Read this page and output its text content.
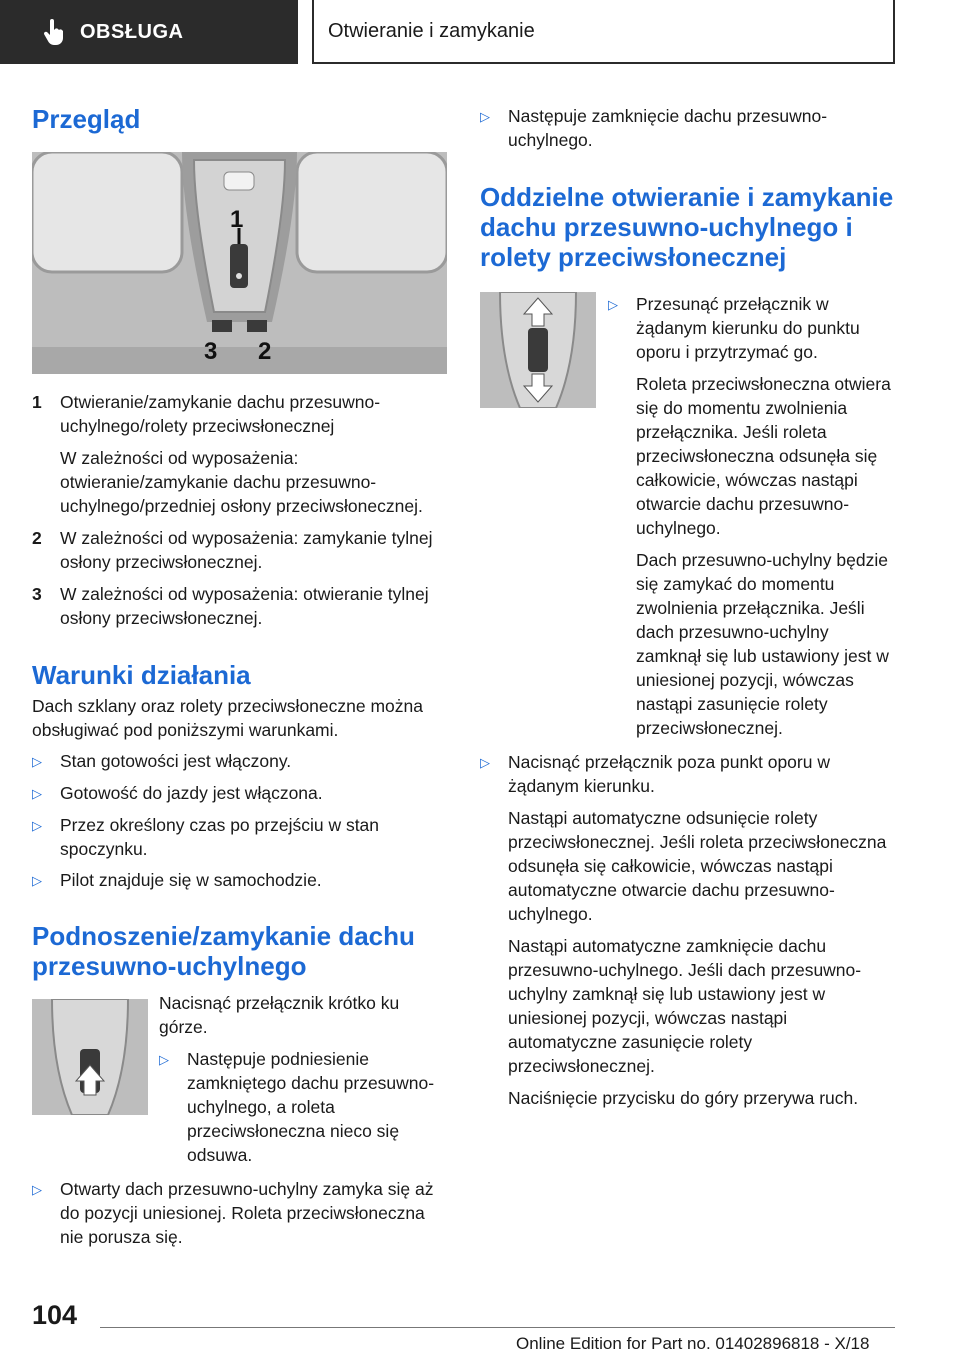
OBSŁUGA	Otwieranie i zamykanie
Przegląd
1
3 2
1	Otwieranie/zamykanie dachu przesuwno-uchylnego/rolety przeciwsłonecznej

W zależności od wyposażenia: otwieranie/zamykanie dachu przesuwno-uchylnego/przedniej osłony przeciwsłonecznej.

2	W zależności od wyposażenia: zamykanie tylnej osłony przeciwsłonecznej.

3	W zależności od wyposażenia: otwieranie tylnej osłony przeciwsłonecznej.

Warunki działania

Dach szklany oraz rolety przeciwsłoneczne można obsługiwać pod poniższymi warunkami.

▷	Stan gotowości jest włączony.

▷	Gotowość do jazdy jest włączona.

▷	Przez określony czas po przejściu w stan spoczynku.

▷	Pilot znajduje się w samochodzie.

Podnoszenie/zamykanie dachu przesuwno-uchylnego

Nacisnąć przełącznik krótko ku górze.

▷	Następuje podniesienie zamkniętego dachu przesuwno-uchylnego, a roleta przeciwsłoneczna nieco się odsuwa.

▷	Otwarty dach przesuwno-uchylny zamyka się aż do pozycji uniesionej. Roleta przeciwsłoneczna nie porusza się.

▷	Następuje zamknięcie dachu przesuwno-uchylnego.

Oddzielne otwieranie i zamykanie dachu przesuwno-uchylnego i rolety przeciwsłonecznej
▷	Przesunąć przełącznik w żądanym kierunku do punktu oporu i przytrzymać go.

Roleta przeciwsłoneczna otwiera się do momentu zwolnienia przełącznika. Jeśli roleta przeciwsłoneczna odsunęła się całkowicie, wówczas nastąpi otwarcie dachu przesuwno-uchylnego.

Dach przesuwno-uchylny będzie się zamykać do momentu zwolnienia przełącznika. Jeśli dach przesuwno-uchylny zamknął się lub ustawiony jest w uniesionej pozycji, wówczas nastąpi zasunięcie rolety przeciwsłonecznej.

▷	Nacisnąć przełącznik poza punkt oporu w żądanym kierunku.

Nastąpi automatyczne odsunięcie rolety przeciwsłonecznej. Jeśli roleta przeciwsłoneczna odsunęła się całkowicie, wówczas nastąpi automatyczne otwarcie dachu przesuwno-uchylnego.

Nastąpi automatyczne zamknięcie dachu przesuwno-uchylnego. Jeśli dach przesuwno-uchylny zamknął się lub ustawiony jest w uniesionej pozycji, wówczas nastąpi automatyczne zasunięcie rolety przeciwsłonecznej.

Naciśnięcie przycisku do góry przerywa ruch.

104
Online Edition for Part no. 01402896818 - X/18
